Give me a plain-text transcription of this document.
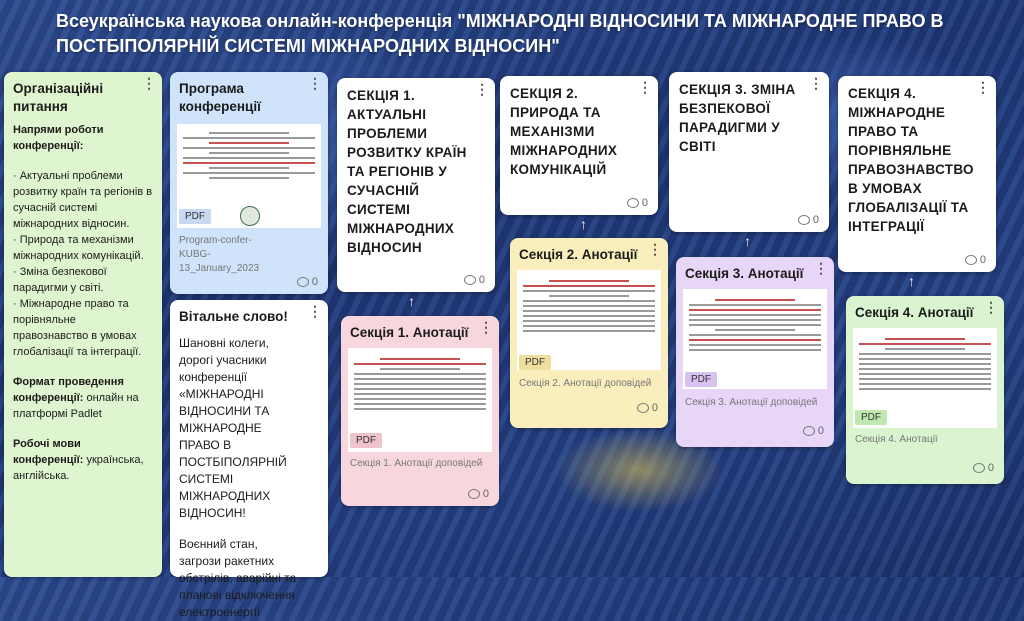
Всеукраїнська наукова онлайн-конференція "МІЖНАРОДНІ ВІДНОСИНИ ТА МІЖНАРОДНЕ ПРАВО В ПОСТБІПОЛЯРНІЙ СИСТЕМІ МІЖНАРОДНИХ ВІДНОСИН"
⋮
Організаційні питання
Напрями роботи конференції:
· Актуальні проблеми розвитку країн та регіонів в сучасній системі міжнародних відносин.
· Природа та механізми міжнародних комунікацій.
· Зміна безпекової парадигми у світі.
· Міжнародне право та порівняльне правознавство в умовах глобалізації та інтеграції.
Формат проведення конференції: онлайн на платформі Padlet
Робочі мови конференції: українська, англійська.
⋮
Програма конференції
PDF
Program-confer-KUBG-13_January_2023
0
⋮
Вітальне слово!
Шановні колеги, дорогі учасники конференції «МІЖНАРОДНІ ВІДНОСИНИ ТА МІЖНАРОДНЕ ПРАВО В ПОСТБІПОЛЯРНІЙ СИСТЕМІ МІЖНАРОДНИХ ВІДНОСИН!
Воєнний стан, загрози ракетних обстрілів, аварійні та планові відключення електроенергії
⋮
СЕКЦІЯ 1. АКТУАЛЬНІ ПРОБЛЕМИ РОЗВИТКУ КРАЇН ТА РЕГІОНІВ У СУЧАСНІЙ СИСТЕМІ МІЖНАРОДНИХ ВІДНОСИН
0
↑
⋮
Секція 1. Анотації
PDF
Секція 1. Анотації доповідей
0
⋮
СЕКЦІЯ 2. ПРИРОДА ТА МЕХАНІЗМИ МІЖНАРОДНИХ КОМУНІКАЦІЙ
0
↑
⋮
Секція 2. Анотації
PDF
Секція 2. Анотації доповідей
0
⋮
СЕКЦІЯ 3. ЗМІНА БЕЗПЕКОВОЇ ПАРАДИГМИ У СВІТІ
0
↑
⋮
Секція 3. Анотації
PDF
Секція 3. Анотації доповідей
0
⋮
СЕКЦІЯ 4. МІЖНАРОДНЕ ПРАВО ТА ПОРІВНЯЛЬНЕ ПРАВОЗНАВСТВО В УМОВАХ ГЛОБАЛІЗАЦІЇ ТА ІНТЕГРАЦІЇ
0
↑
⋮
Секція 4. Анотації
PDF
Секція 4. Анотації
0
